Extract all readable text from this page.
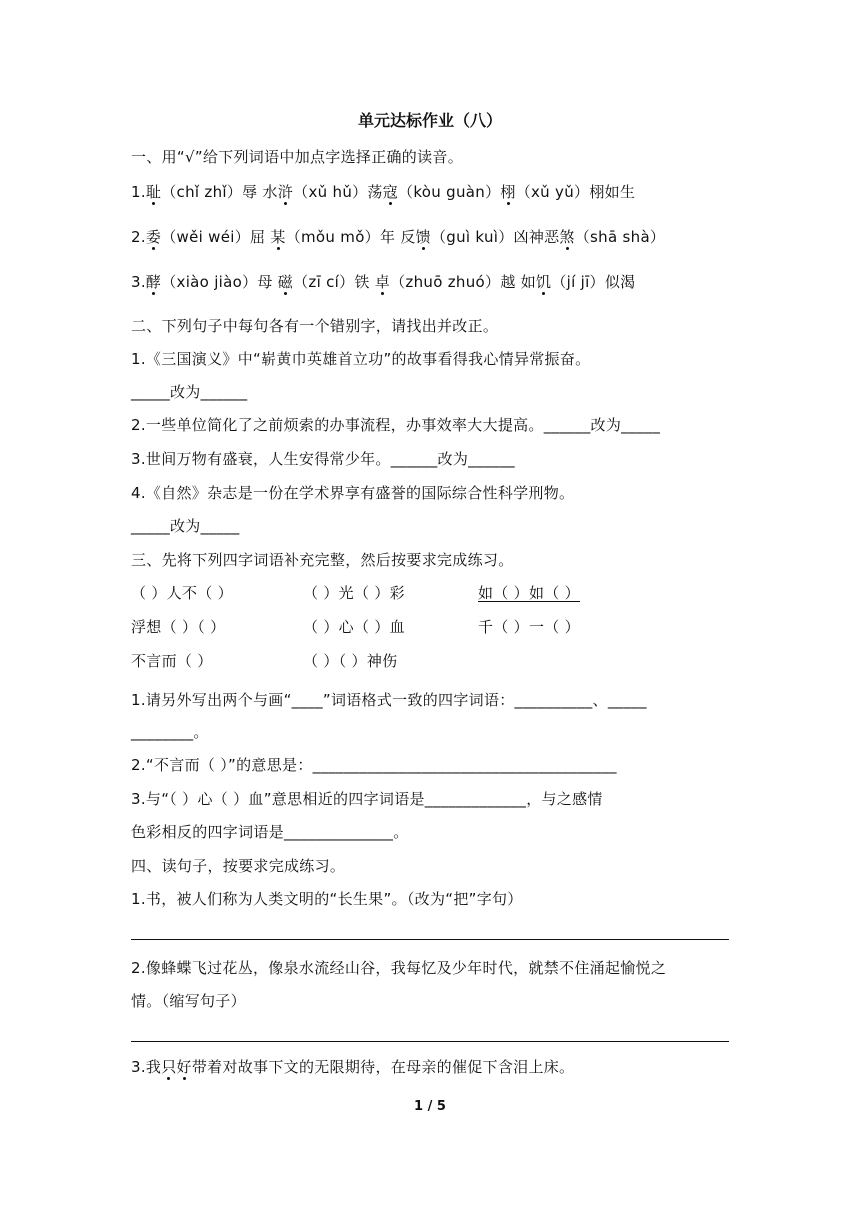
单元达标作业（八）
一、用“√”给下列词语中加点字选择正确的读音。
1.耻（chǐ zhǐ）辱 水浒（xǔ hǔ）荡寇（kòu guàn）栩（xǔ yǔ）栩如生
2.委（wěi wéi）屈 某（mǒu mǒ）年 反馈（guì kuì）凶神恶煞（shā shà）
3.酵（xiào jiào）母 磁（zī cí）铁 卓（zhuō zhuó）越 如饥（jí jī）似渴
二、下列句子中每句各有一个错别字，请找出并改正。
1.《三国演义》中“崭黄巾英雄首立功”的故事看得我心情异常振奋。
_____改为______
2.一些单位简化了之前烦索的办事流程，办事效率大大提高。______改为_____
3.世间万物有盛衰，人生安得常少年。______改为______
4.《自然》杂志是一份在学术界享有盛誉的国际综合性科学刑物。
_____改为_____
三、先将下列四字词语补充完整，然后按要求完成练习。
（ ）人不（ ）	（ ）光（ ）彩	如（ ）如（ ）
浮想（ ）（ ）	（ ）心（ ）血	千（ ）一（ ）
不言而（ ）	（ ）（ ）神伤
1.请另外写出两个与画“____”词语格式一致的四字词语：__________、_____
________。
2.“不言而（ ）”的意思是：_______________________________________
3.与“（ ）心（ ）血”意思相近的四字词语是_____________，与之感情
色彩相反的四字词语是______________。
四、读句子，按要求完成练习。
1.书，被人们称为人类文明的“长生果”。（改为“把”字句）
2.像蜂蝶飞过花丛，像泉水流经山谷，我每忆及少年时代，就禁不住涌起愉悦之
情。（缩写句子）
3.我只好带着对故事下文的无限期待，在母亲的催促下含泪上床。
1 / 5
